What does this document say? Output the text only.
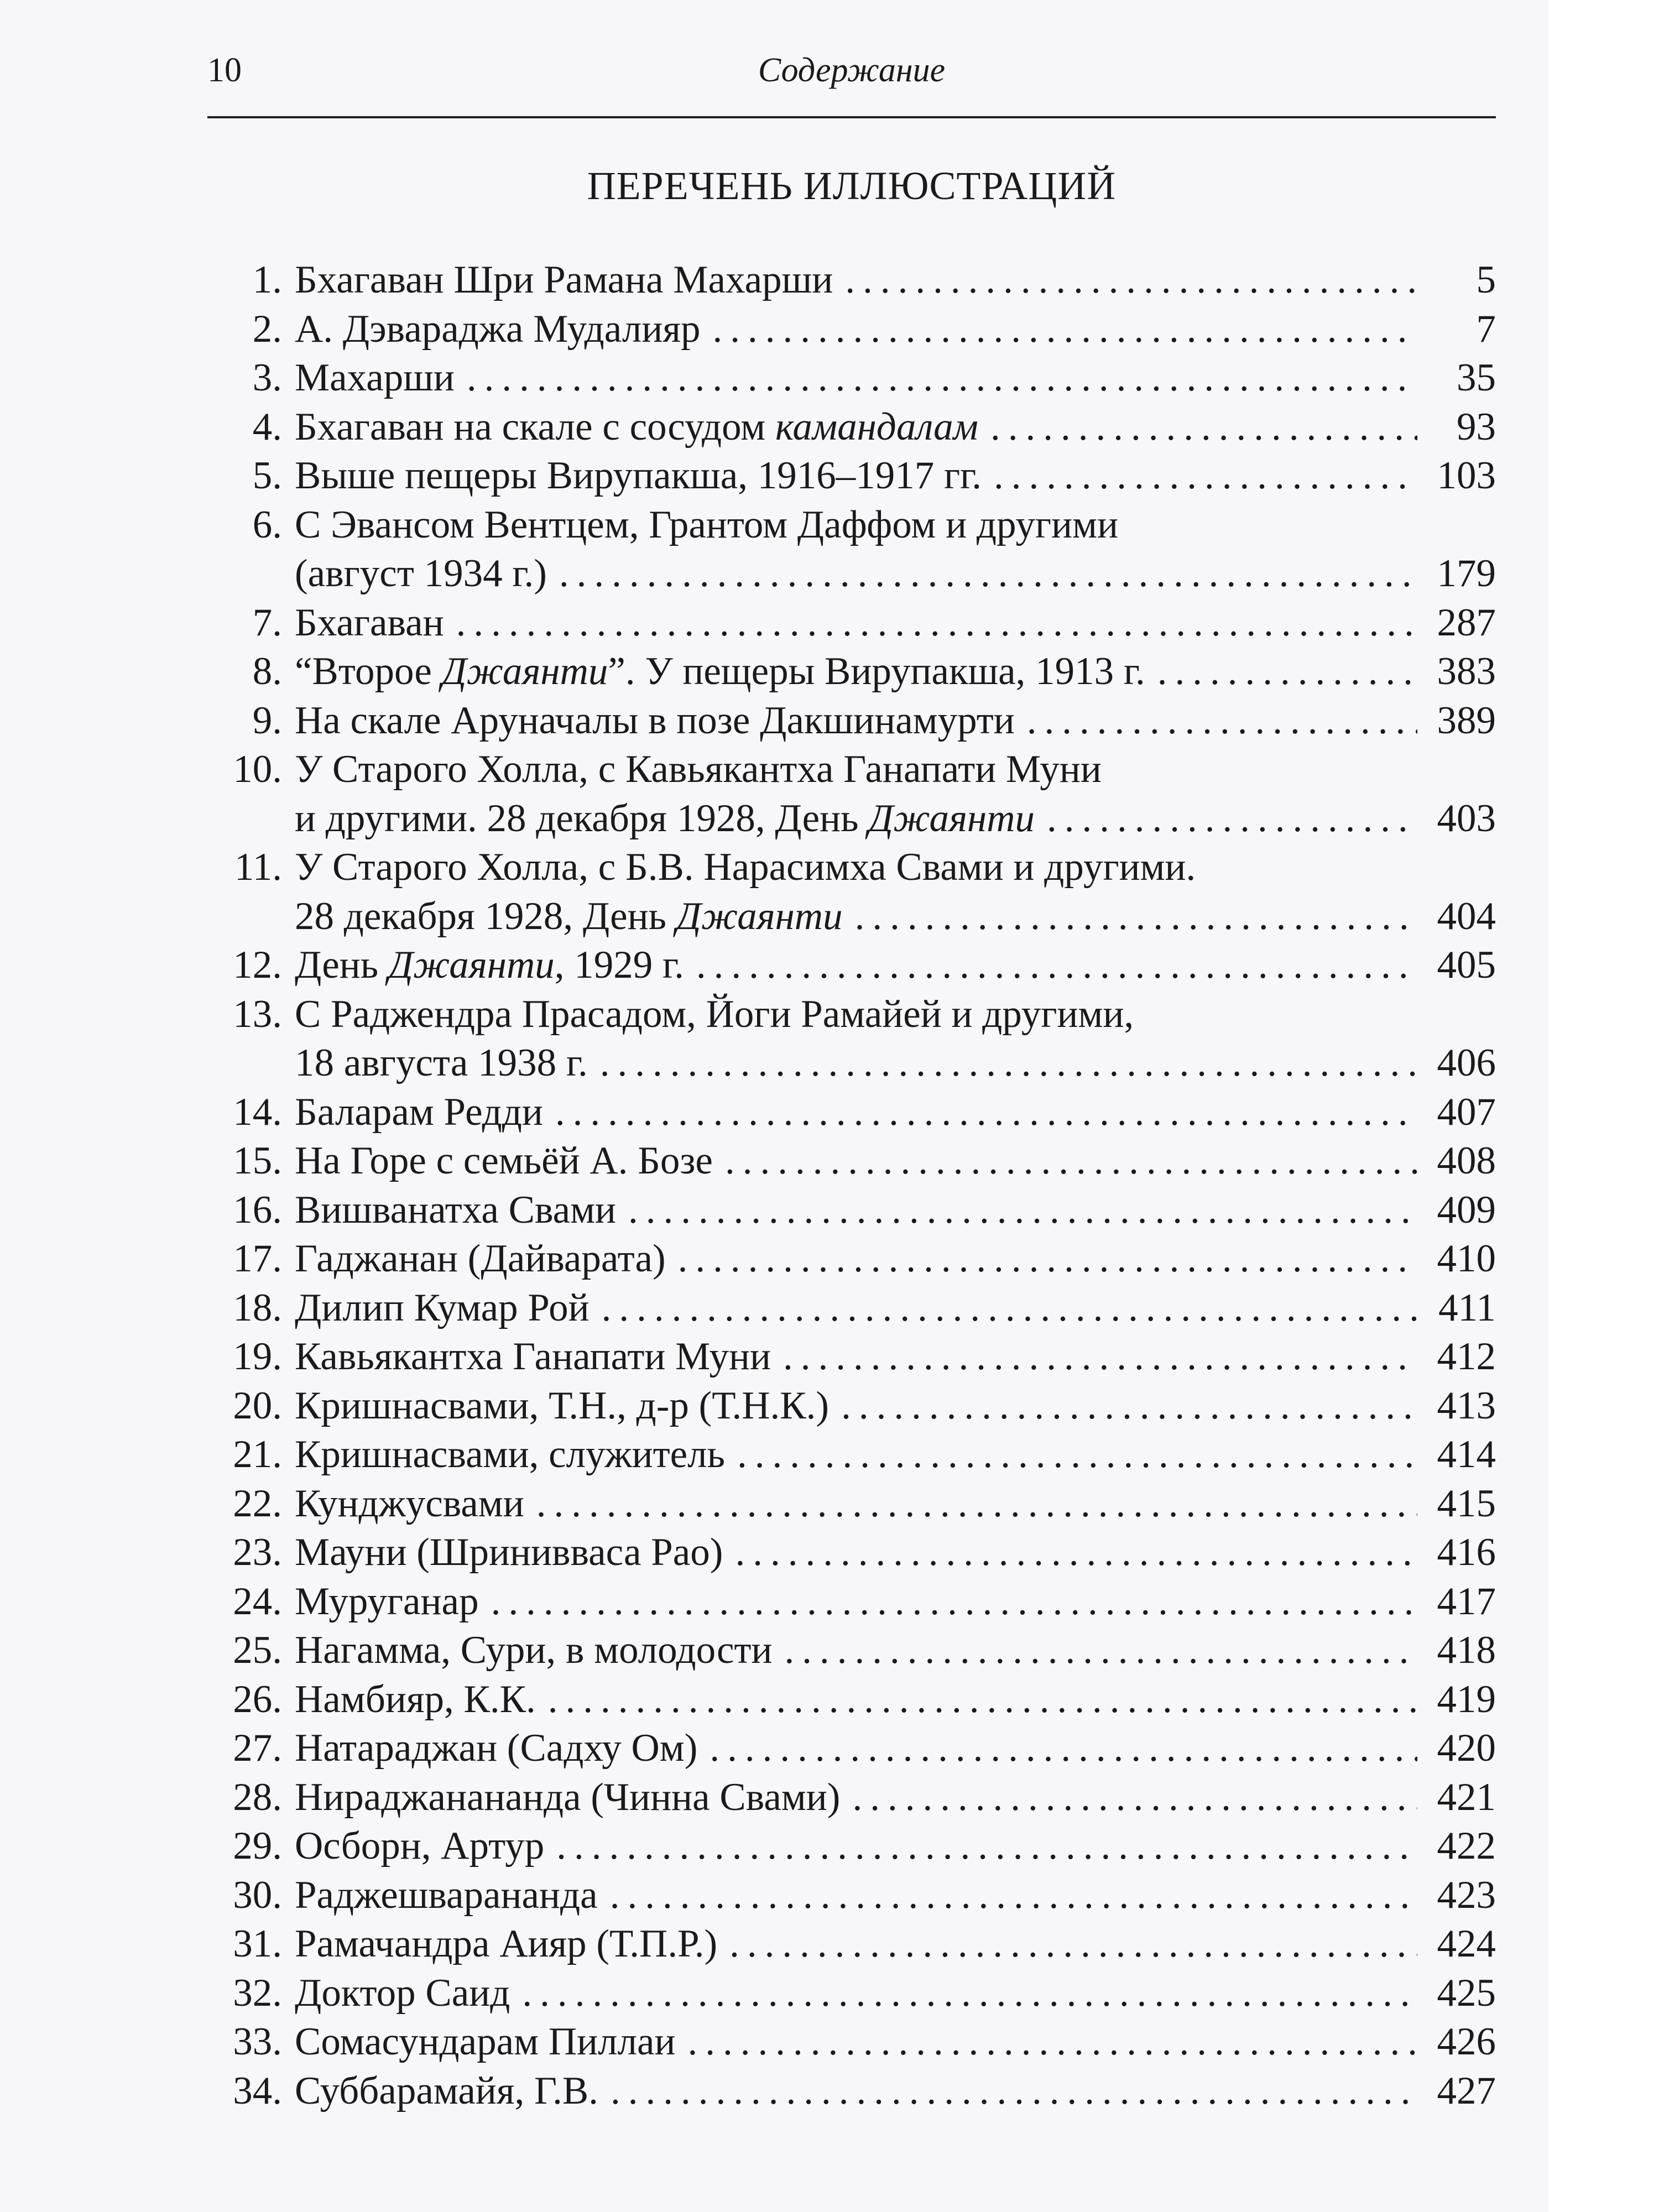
10	Содержание
ПЕРЕЧЕНЬ ИЛЛЮСТРАЦИЙ
1. Бхагаван Шри Рамана Махарши .....	5
2. А. Дэвараджа Мудалияр .....	7
3. Махарши .....	35
4. Бхагаван на скале с сосудом камандалам .....	93
5. Выше пещеры Вирупакша, 1916–1917 гг. .....	103
6. С Эвансом Вентцем, Грантом Даффом и другими
(август 1934 г.) .....	179
7. Бхагаван .....	287
8. “Второе Джаянти”. У пещеры Вирупакша, 1913 г. .....	383
9. На скале Аруначалы в позе Дакшинамурти .....	389
10. У Старого Холла, с Кавьякантха Ганапати Муни
и другими. 28 декабря 1928, День Джаянти .....	403
11. У Старого Холла, с Б.В. Нарасимха Свами и другими.
28 декабря 1928, День Джаянти .....	404
12. День Джаянти, 1929 г. .....	405
13. С Раджендра Прасадом, Йоги Рамайей и другими,
18 августа 1938 г. .....	406
14. Баларам Редди .....	407
15. На Горе с семьёй А. Бозе .....	408
16. Вишванатха Свами .....	409
17. Гаджанан (Дайварата) .....	410
18. Дилип Кумар Рой .....	411
19. Кавьякантха Ганапати Муни .....	412
20. Кришнасвами, Т.Н., д-р (Т.Н.К.) .....	413
21. Кришнасвами, служитель .....	414
22. Кунджусвами .....	415
23. Мауни (Шринивваса Рао) .....	416
24. Муруганар .....	417
25. Нагамма, Сури, в молодости .....	418
26. Намбияр, К.К. .....	419
27. Натараджан (Садху Ом) .....	420
28. Нираджанананда (Чинна Свами) .....	421
29. Осборн, Артур .....	422
30. Раджешварананда .....	423
31. Рамачандра Аияр (Т.П.Р.) .....	424
32. Доктор Саид .....	425
33. Сомасундарам Пиллаи .....	426
34. Суббарамайя, Г.В. .....	427
